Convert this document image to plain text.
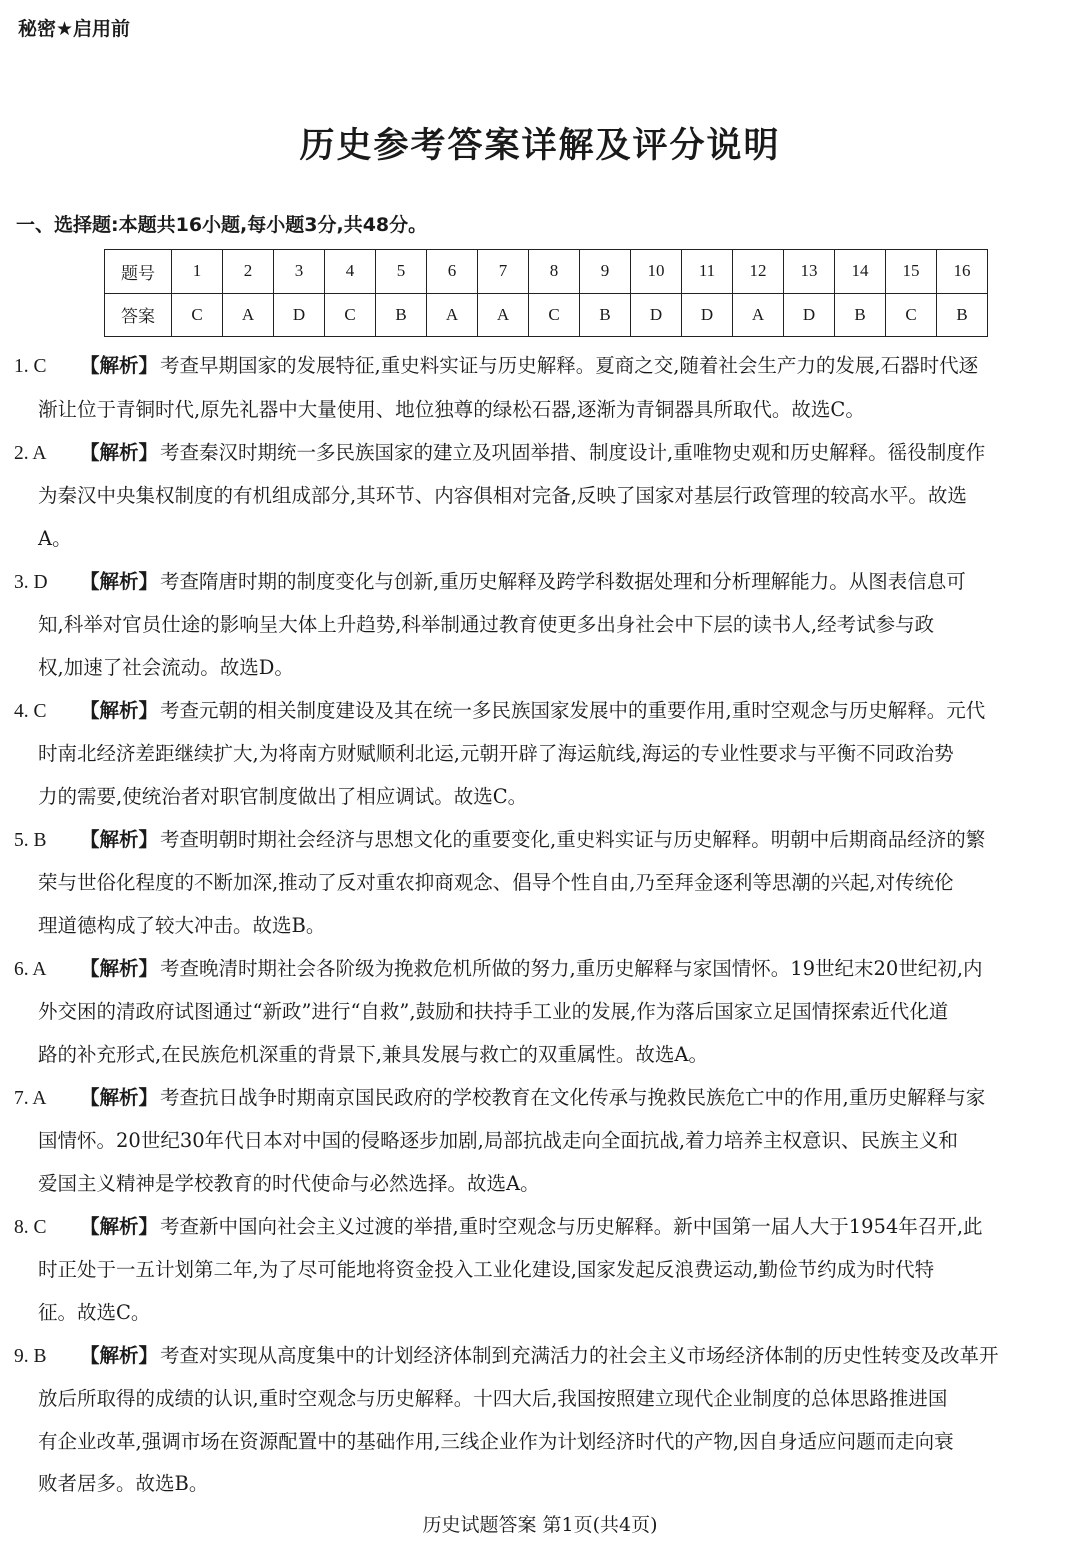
秘密★启用前
历史参考答案详解及评分说明
一、选择题:本题共16小题,每小题3分,共48分。
题号	1	2	3	4	5	6	7	8	9	10	11	12	13	14	15	16
答案	C	A	D	C	B	A	A	C	B	D	D	A	D	B	C	B
1. C 【解析】 考查早期国家的发展特征,重史料实证与历史解释。夏商之交,随着社会生产力的发展,石器时代逐
渐让位于青铜时代,原先礼器中大量使用、地位独尊的绿松石器,逐渐为青铜器具所取代。故选C。
2. A 【解析】 考查秦汉时期统一多民族国家的建立及巩固举措、制度设计,重唯物史观和历史解释。徭役制度作
为秦汉中央集权制度的有机组成部分,其环节、内容俱相对完备,反映了国家对基层行政管理的较高水平。故选
A。
3. D 【解析】 考查隋唐时期的制度变化与创新,重历史解释及跨学科数据处理和分析理解能力。从图表信息可
知,科举对官员仕途的影响呈大体上升趋势,科举制通过教育使更多出身社会中下层的读书人,经考试参与政
权,加速了社会流动。故选D。
4. C 【解析】 考查元朝的相关制度建设及其在统一多民族国家发展中的重要作用,重时空观念与历史解释。元代
时南北经济差距继续扩大,为将南方财赋顺利北运,元朝开辟了海运航线,海运的专业性要求与平衡不同政治势
力的需要,使统治者对职官制度做出了相应调试。故选C。
5. B 【解析】 考查明朝时期社会经济与思想文化的重要变化,重史料实证与历史解释。明朝中后期商品经济的繁
荣与世俗化程度的不断加深,推动了反对重农抑商观念、倡导个性自由,乃至拜金逐利等思潮的兴起,对传统伦
理道德构成了较大冲击。故选B。
6. A 【解析】 考查晚清时期社会各阶级为挽救危机所做的努力,重历史解释与家国情怀。19世纪末20世纪初,内
外交困的清政府试图通过“新政”进行“自救”,鼓励和扶持手工业的发展,作为落后国家立足国情探索近代化道
路的补充形式,在民族危机深重的背景下,兼具发展与救亡的双重属性。故选A。
7. A 【解析】 考查抗日战争时期南京国民政府的学校教育在文化传承与挽救民族危亡中的作用,重历史解释与家
国情怀。20世纪30年代日本对中国的侵略逐步加剧,局部抗战走向全面抗战,着力培养主权意识、民族主义和
爱国主义精神是学校教育的时代使命与必然选择。故选A。
8. C 【解析】 考查新中国向社会主义过渡的举措,重时空观念与历史解释。新中国第一届人大于1954年召开,此
时正处于一五计划第二年,为了尽可能地将资金投入工业化建设,国家发起反浪费运动,勤俭节约成为时代特
征。故选C。
9. B 【解析】 考查对实现从高度集中的计划经济体制到充满活力的社会主义市场经济体制的历史性转变及改革开
放后所取得的成绩的认识,重时空观念与历史解释。十四大后,我国按照建立现代企业制度的总体思路推进国
有企业改革,强调市场在资源配置中的基础作用,三线企业作为计划经济时代的产物,因自身适应问题而走向衰
败者居多。故选B。
历史试题答案 第1页(共4页)
